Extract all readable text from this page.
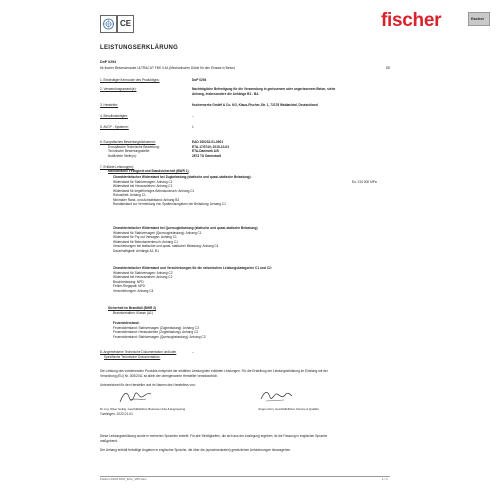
CE	fischer	fischer
LEISTUNGSERKLÄRUNG
DoP 0294
für fischer Betonschraube ULTRACUT FBS II 4A (Mechanischer Dübel für den Einsatz in Beton)	DE
1. Eindeutiger Kenncode des Produkttyps:	DoP 0294
2. Verwendungszweck(e):	Nachträgliche Befestigung für die Verwendung in gerissenem oder ungerissenem Beton, siehe
Anhang, insbesondere die Anhänge B1 - B4.
3. Hersteller:	fischerwerke GmbH & Co. KG, Klaus-Fischer-Str. 1, 72178 Waldachtal, Deutschland
4. Bevollmächtigter:	--
5. AVCP - System/e:	1
6. Europäisches Bewertungsdokument:	EAD 330232-01-0601
Europäische Technische Bewertung:	ETA-17/0740; 2015-10-03
Technische Bewertungsstelle:	ETA-Danmark A/S
Notifizierte Stelle(n):	2873 TU Darmstadt
7. Erklärte Leistung(en):
Mechanische Festigkeit und Standsicherheit (BWR 1)
Charakteristischer Widerstand bei Zugbelastung (statische und quasi-statische Belastung):
Widerstand für Stahlversagen: Anhang C1	Eu: 210 000 MPa
Widerstand bei Herausziehen: Anhang C1
Widerstand für kegelförmiges Betonausbruch: Anhang C1
Robustheit: Anhang C1
Minimaler Rand- und Achsabstand: Anhang B3
Randabstand zur Vermeidung von Spalten/ausgeben der Belastung: Anhang C1
Charakteristischer Widerstand bei Querzugbelastung (statische und quasi-statische Belastung)
Widerstand für Stahlversagen (Querzugbelastung): Anhang C1
Widerstand für Pry-out Versagen: Anhang C1
Widerstand für Betonkantenbruch: Anhang C1
Verschiebungen bei statischer und quasi- statischer Belastung: Anhang C4
Dauerhaftigkeit: Anhänge A2, B1
Charakteristischer Widerstand und Verschiebungen für die seismischen Leistungskategorien C1 und C2:
Widerstand für Stahlversagen: Anhang C2
Widerstand bei Herausziehen: Anhang C2
Bruchbelastung: NPD
Fehler-Ringspalt: NPD
Verschiebungen: Anhang C4
Sicherheit im Brandfall (BWR 2)
Brandverhalten: Klasse (A1)
Feuerwiderstand:
Feuerwiderstand: Stahlversagen (Zugbelastung): Anhang C3
Feuerwiderstand: Herausziehen (Zugbelastung): Anhang C3
Feuerwiderstand: Stahlversagen (Querzugbelastung): Anhang C3
8. Angemessene Technische Dokumentation und/oder
Spezifische Technische Dokumentation:
--
Die Leistung des vorstehenden Produkts entspricht der erklärten Leistung/den erklärten Leistungen. Für die Erstellung der Leistungserklärung im Einklang mit der
Verordnung (EU) Nr. 305/2011 ist allein der obengenannte Hersteller verantwortlich.
Unterzeichnet für den Hersteller und im Namen des Herstellers von:
Dr.-Ing. Oliver Geibig, Geschäftsführer Business Units & Engineering
Tumlingen, 2022-01-01
Jürgen Grün, Geschäftsführer Chemie & Qualität
Diese Leistungserklärung wurde in mehreren Sprachen erstellt. Für alle Streitigkeiten, die sich aus der Auslegung ergeben, ist die Fassung in englischer Sprache
maßgebend.
Der Anhang enthält freiwillige Angaben in englischer Sprache, die über die (sprachneutralen) gesetzlichen Anforderungen hinausgehen.
Fischer DATA DOP_ECs_V80.xlsm	1 / 1
